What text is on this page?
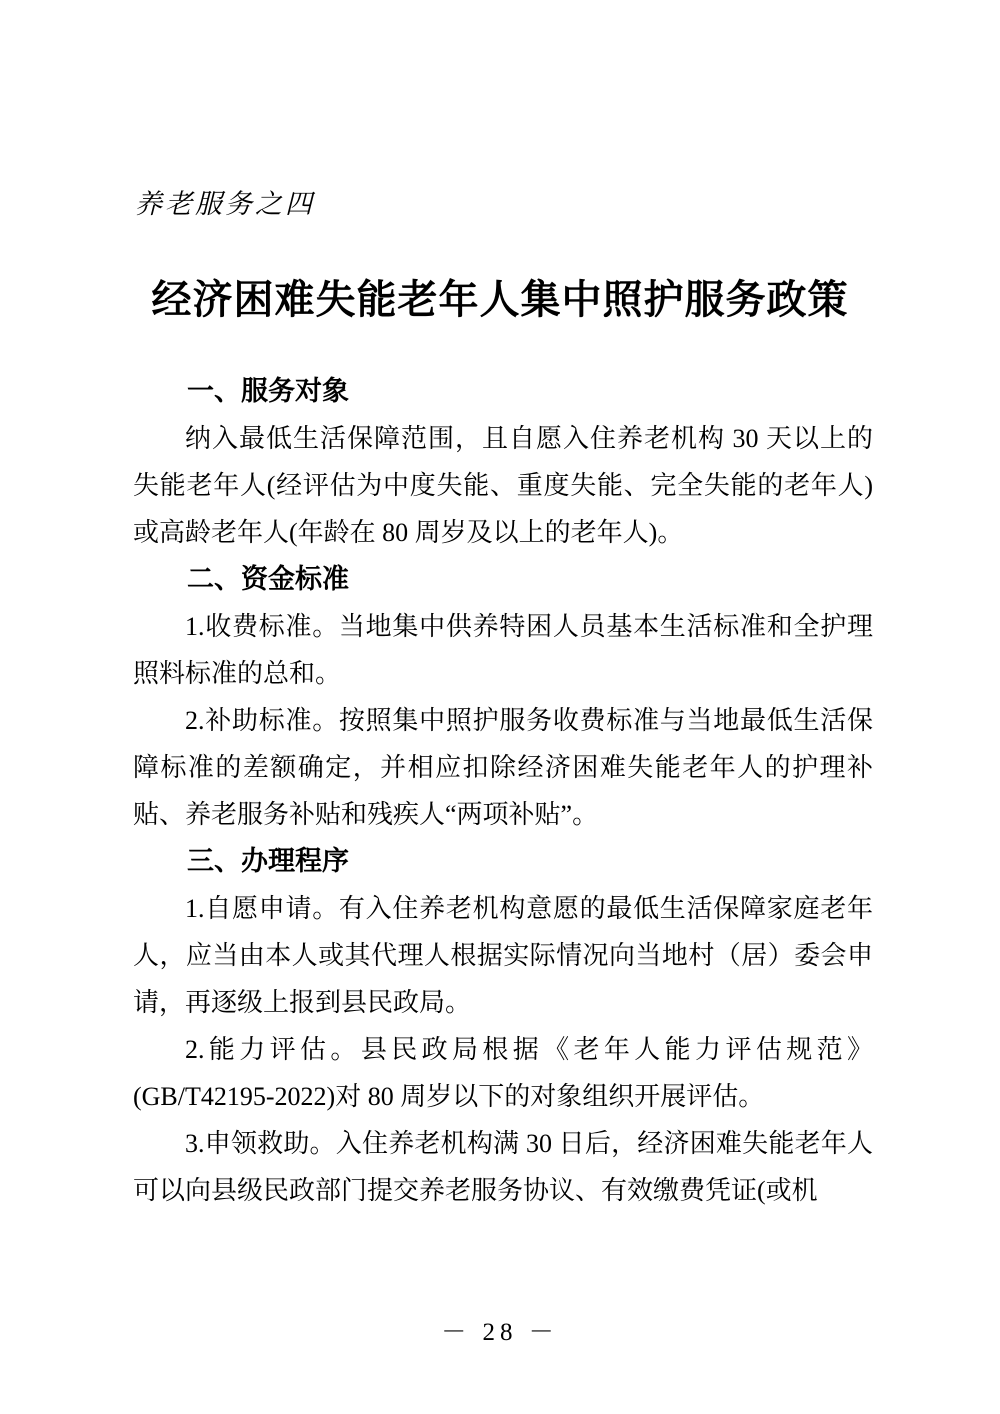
养老服务之四
经济困难失能老年人集中照护服务政策
一、服务对象

纳入最低生活保障范围，且自愿入住养老机构 30 天以上的失能老年人(经评估为中度失能、重度失能、完全失能的老年人)或高龄老年人(年龄在 80 周岁及以上的老年人)。

二、资金标准

1.收费标准。当地集中供养特困人员基本生活标准和全护理照料标准的总和。

2.补助标准。按照集中照护服务收费标准与当地最低生活保障标准的差额确定，并相应扣除经济困难失能老年人的护理补贴、养老服务补贴和残疾人“两项补贴”。

三、办理程序

1.自愿申请。有入住养老机构意愿的最低生活保障家庭老年人，应当由本人或其代理人根据实际情况向当地村（居）委会申请，再逐级上报到县民政局。

2.能力评估。县民政局根据《老年人能力评估规范》(GB/T42195-2022)对 80 周岁以下的对象组织开展评估。

3.申领救助。入住养老机构满 30 日后，经济困难失能老年人可以向县级民政部门提交养老服务协议、有效缴费凭证(或机

－ 28 －
